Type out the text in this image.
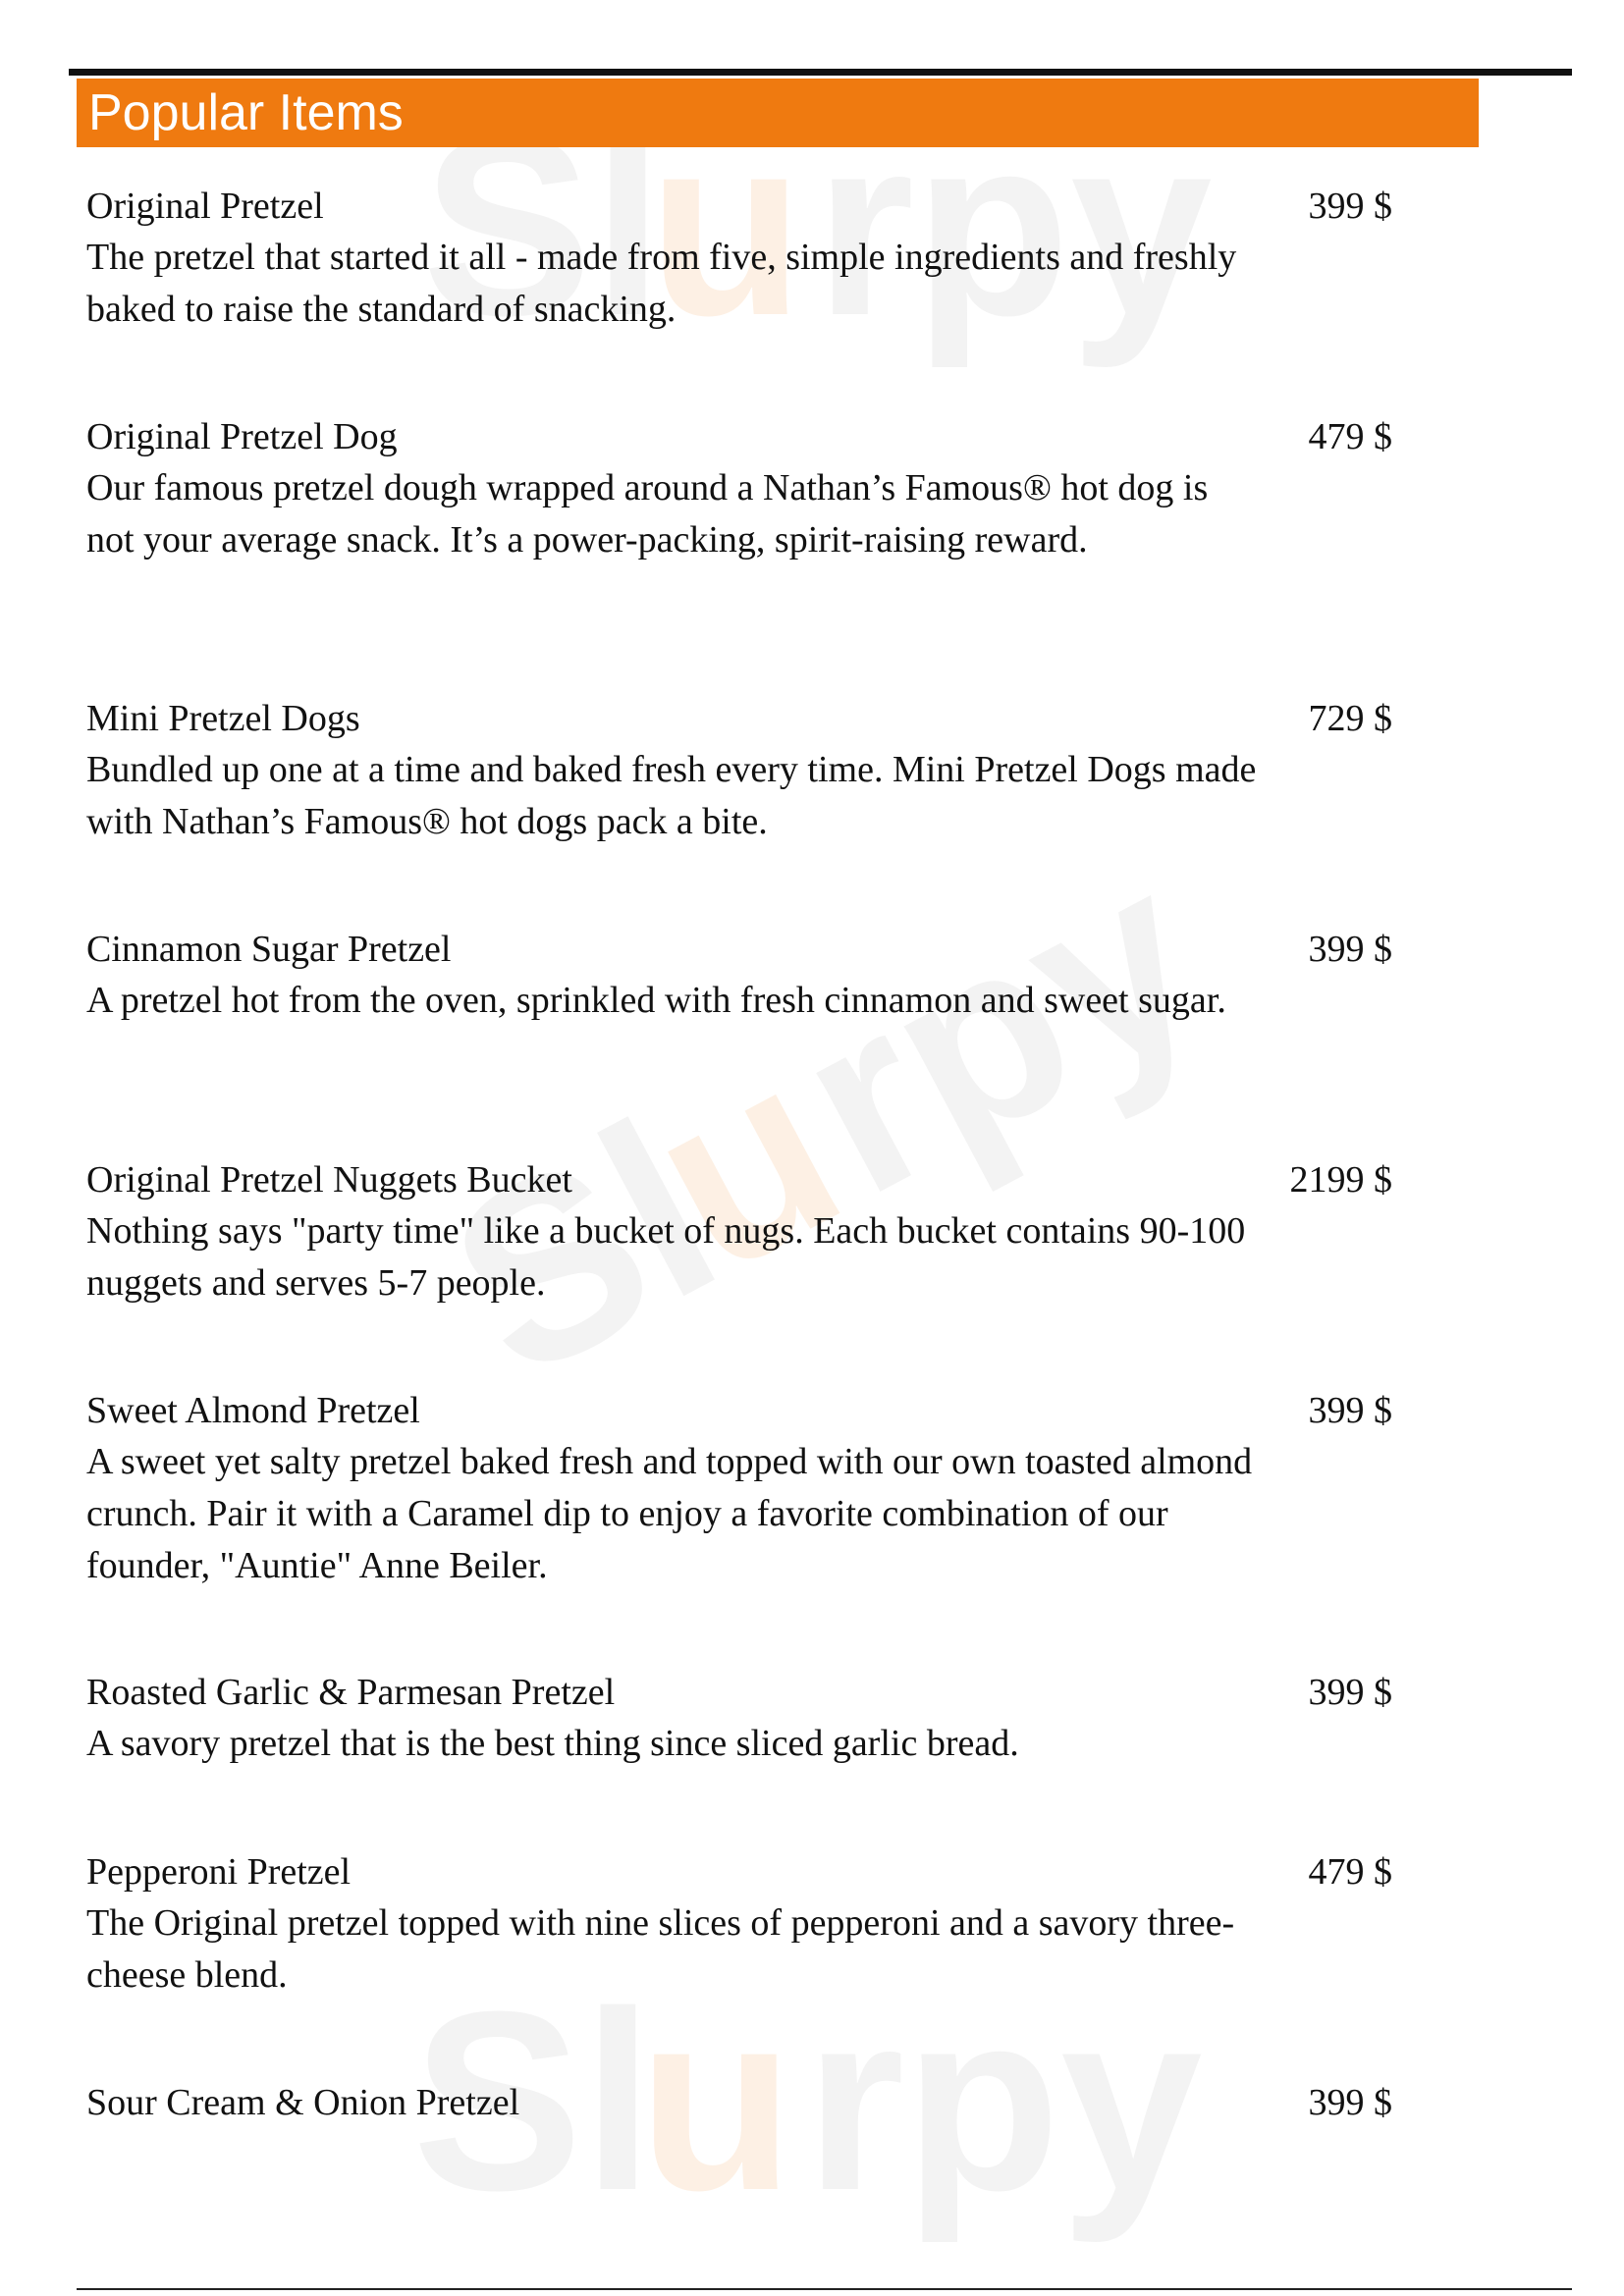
u
u
u
Popular Items
Original Pretzel	399 $
The pretzel that started it all - made from five, simple ingredients and freshly baked to raise the standard of snacking.
Original Pretzel Dog	479 $
Our famous pretzel dough wrapped around a Nathan’s Famous® hot dog is not your average snack. It’s a power-packing, spirit-raising reward.
Mini Pretzel Dogs	729 $
Bundled up one at a time and baked fresh every time. Mini Pretzel Dogs made with Nathan’s Famous® hot dogs pack a bite.
Cinnamon Sugar Pretzel	399 $
A pretzel hot from the oven, sprinkled with fresh cinnamon and sweet sugar.
Original Pretzel Nuggets Bucket	2199 $
Nothing says "party time" like a bucket of nugs. Each bucket contains 90-100 nuggets and serves 5-7 people.
Sweet Almond Pretzel	399 $
A sweet yet salty pretzel baked fresh and topped with our own toasted almond crunch. Pair it with a Caramel dip to enjoy a favorite combination of our founder, "Auntie" Anne Beiler.
Roasted Garlic & Parmesan Pretzel	399 $
A savory pretzel that is the best thing since sliced garlic bread.
Pepperoni Pretzel	479 $
The Original pretzel topped with nine slices of pepperoni and a savory three-cheese blend.
Sour Cream & Onion Pretzel	399 $
